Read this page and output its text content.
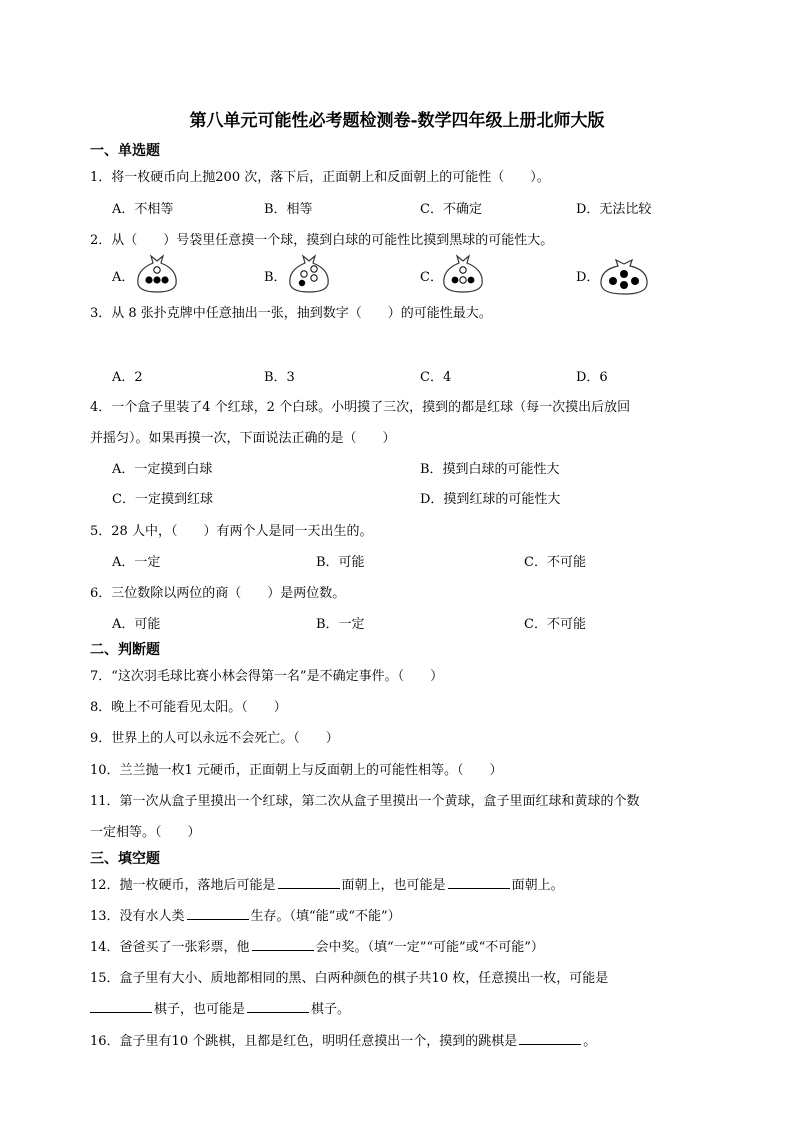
第八单元可能性必考题检测卷-数学四年级上册北师大版
一、单选题
1．将一枚硬币向上抛200 次，落下后，正面朝上和反面朝上的可能性（　　）。
A．不相等	B．相等	C．不确定	D．无法比较
2．从（　　）号袋里任意摸一个球，摸到白球的可能性比摸到黑球的可能性大。
A．	B．	C．	D．
3．从 8 张扑克牌中任意抽出一张，抽到数字（　　）的可能性最大。
A．2	B．3	C．4	D．6
4．一个盒子里装了4 个红球，2 个白球。小明摸了三次，摸到的都是红球（每一次摸出后放回
并摇匀）。如果再摸一次，下面说法正确的是（　　）
A．一定摸到白球	B．摸到白球的可能性大
C．一定摸到红球	D．摸到红球的可能性大
5．28 人中，（　　）有两个人是同一天出生的。
A．一定	B．可能	C．不可能
6．三位数除以两位的商（　　）是两位数。
A．可能	B．一定	C．不可能
二、判断题
7．“这次羽毛球比赛小林会得第一名”是不确定事件。（　　）
8．晚上不可能看见太阳。（　　）
9．世界上的人可以永远不会死亡。（　　）
10．兰兰抛一枚1 元硬币，正面朝上与反面朝上的可能性相等。（　　）
11．第一次从盒子里摸出一个红球，第二次从盒子里摸出一个黄球，盒子里面红球和黄球的个数
一定相等。（　　）
三、填空题
12．抛一枚硬币，落地后可能是	面朝上，也可能是	面朝上。
13．没有水人类	生存。（填“能”或“不能”）
14．爸爸买了一张彩票，他	会中奖。（填“一定”“可能”或“不可能”）
15．盒子里有大小、质地都相同的黑、白两种颜色的棋子共10 枚，任意摸出一枚，可能是
棋子，也可能是	棋子。
16．盒子里有10 个跳棋，且都是红色，明明任意摸出一个，摸到的跳棋是	。
